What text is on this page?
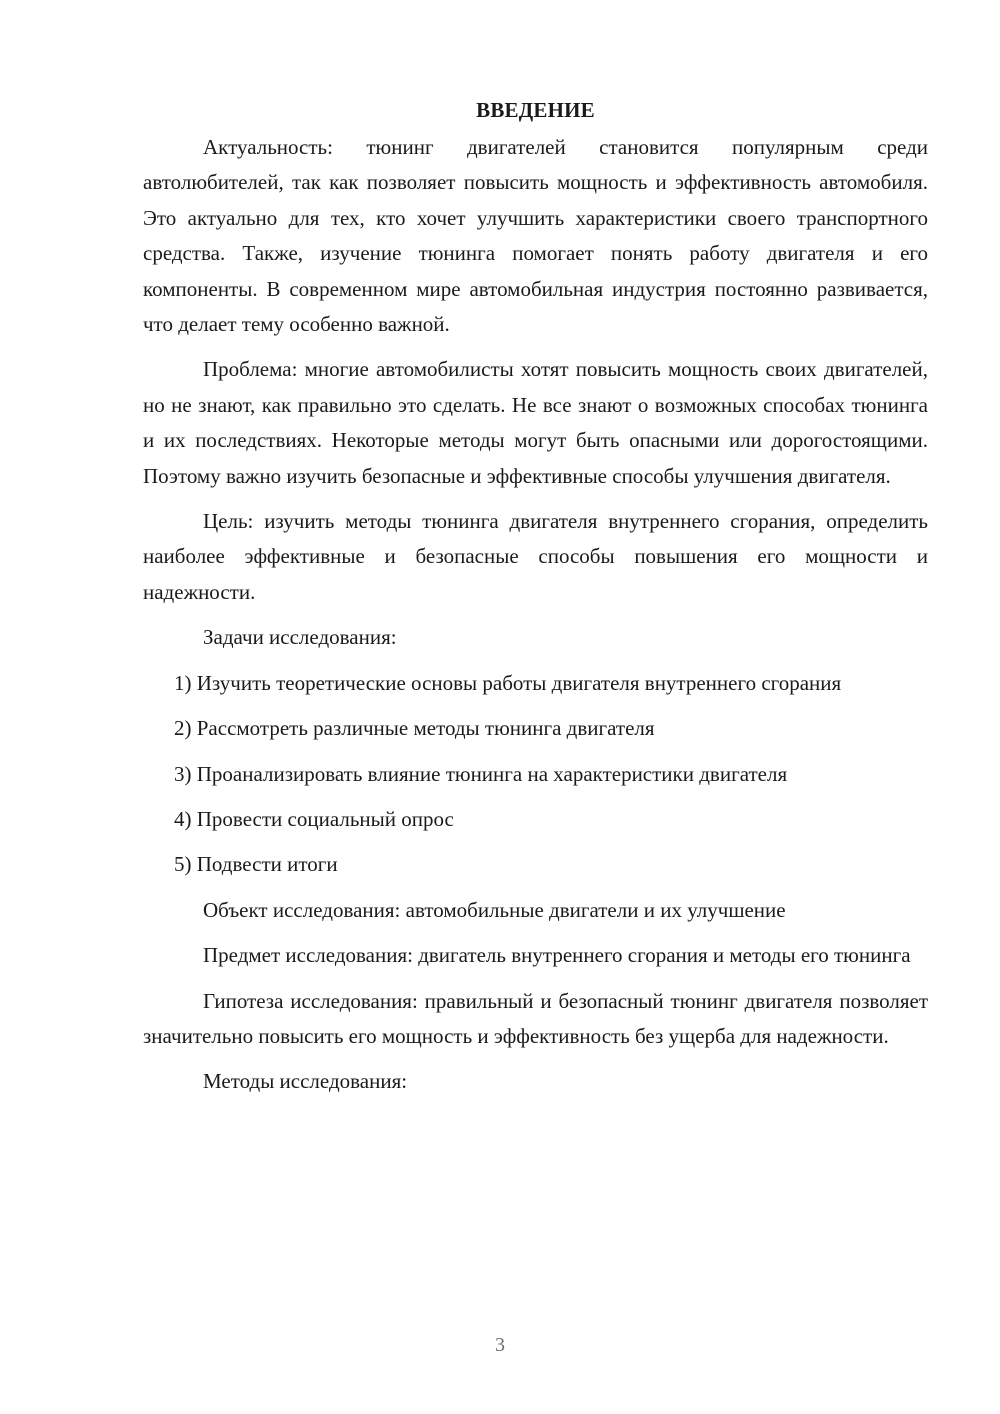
ВВЕДЕНИЕ

Актуальность: тюнинг двигателей становится популярным среди автолюбителей, так как позволяет повысить мощность и эффективность автомобиля. Это актуально для тех, кто хочет улучшить характеристики своего транспортного средства. Также, изучение тюнинга помогает понять работу двигателя и его компоненты. В современном мире автомобильная индустрия постоянно развивается, что делает тему особенно важной.

Проблема: многие автомобилисты хотят повысить мощность своих двигателей, но не знают, как правильно это сделать. Не все знают о возможных способах тюнинга и их последствиях. Некоторые методы могут быть опасными или дорогостоящими. Поэтому важно изучить безопасные и эффективные способы улучшения двигателя.

Цель: изучить методы тюнинга двигателя внутреннего сгорания, определить наиболее эффективные и безопасные способы повышения его мощности и надежности.

Задачи исследования:

1) Изучить теоретические основы работы двигателя внутреннего сгорания

2) Рассмотреть различные методы тюнинга двигателя

3) Проанализировать влияние тюнинга на характеристики двигателя

4) Провести социальный опрос

5) Подвести итоги

Объект исследования: автомобильные двигатели и их улучшение

Предмет исследования: двигатель внутреннего сгорания и методы его тюнинга

Гипотеза исследования: правильный и безопасный тюнинг двигателя позволяет значительно повысить его мощность и эффективность без ущерба для надежности.

Методы исследования:

3
